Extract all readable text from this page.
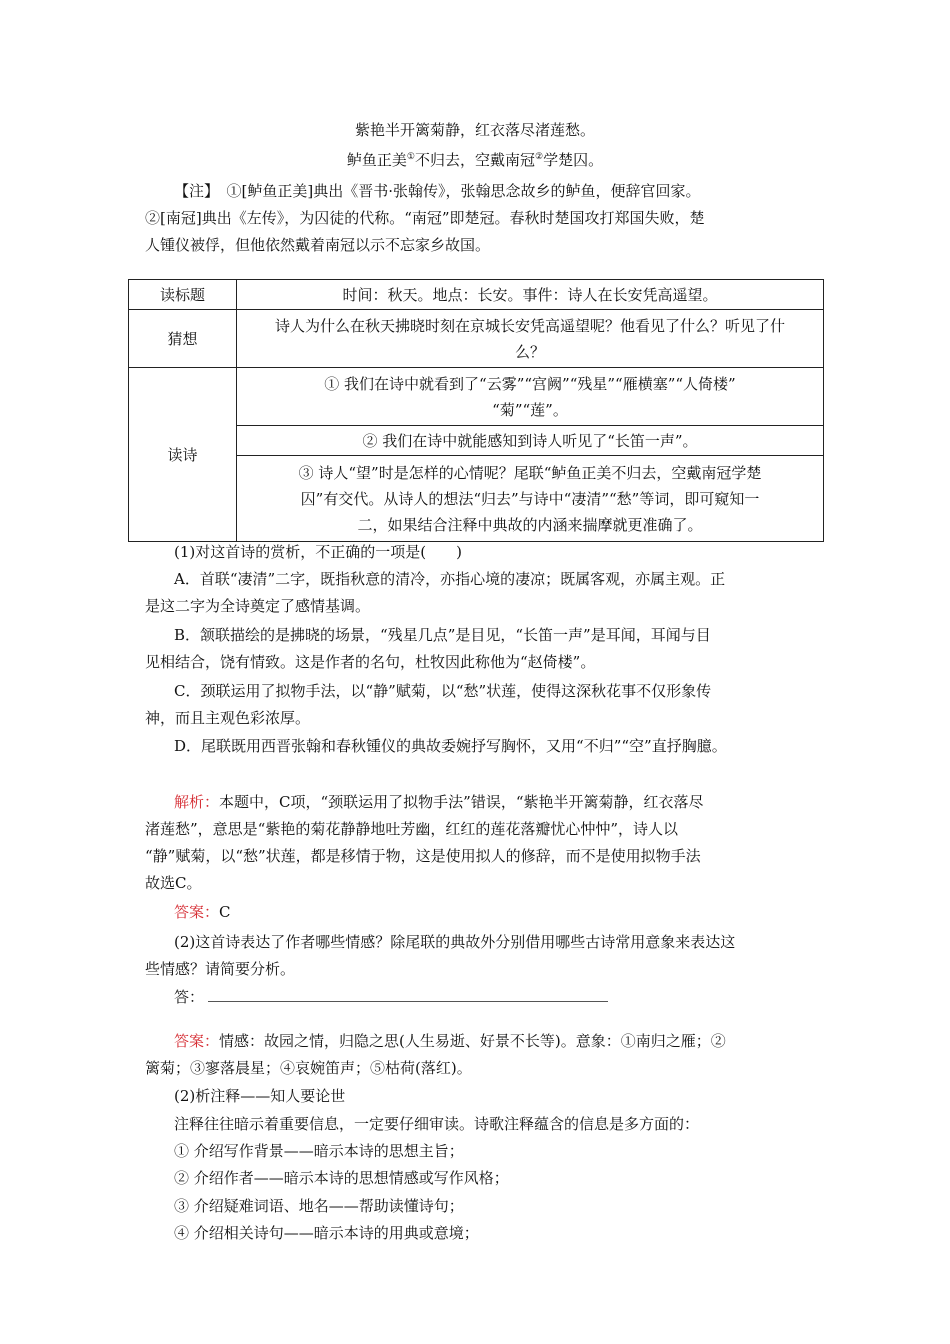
紫艳半开篱菊静，红衣落尽渚莲愁。
鲈鱼正美①不归去，空戴南冠②学楚囚。
【注】　①[鲈鱼正美]典出《晋书·张翰传》，张翰思念故乡的鲈鱼，便辞官回家。
②[南冠]典出《左传》，为囚徒的代称。“南冠”即楚冠。春秋时楚国攻打郑国失败，楚
人锺仪被俘，但他依然戴着南冠以示不忘家乡故国。
读标题	时间：秋天。地点：长安。事件：诗人在长安凭高遥望。
猜想	诗人为什么在秋天拂晓时刻在京城长安凭高遥望呢？他看见了什么？听见了什
么？

读诗	① 我们在诗中就看到了“云雾”“宫阙”“残星”“雁横塞”“人倚楼”
“菊”“莲”。

	② 我们在诗中就能感知到诗人听见了“长笛一声”。

	③ 诗人“望”时是怎样的心情呢？尾联“鲈鱼正美不归去，空戴南冠学楚
囚”有交代。从诗人的想法“归去”与诗中“凄清”“愁”等词，即可窥知一
二，如果结合注释中典故的内涵来揣摩就更准确了。
(1)对这首诗的赏析，不正确的一项是(　　)
A．首联“凄清”二字，既指秋意的清冷，亦指心境的凄凉；既属客观，亦属主观。正
是这二字为全诗奠定了感情基调。
B．颔联描绘的是拂晓的场景，“残星几点”是目见，“长笛一声”是耳闻，耳闻与目
见相结合，饶有情致。这是作者的名句，杜牧因此称他为“赵倚楼”。
C．颈联运用了拟物手法，以“静”赋菊，以“愁”状莲，使得这深秋花事不仅形象传
神，而且主观色彩浓厚。
D．尾联既用西晋张翰和春秋锺仪的典故委婉抒写胸怀，又用“不归”“空”直抒胸臆。
解析：本题中，C项，“颈联运用了拟物手法”错误，“紫艳半开篱菊静，红衣落尽
渚莲愁”，意思是“紫艳的菊花静静地吐芳幽，红红的莲花落瓣忧心忡忡”，诗人以
“静”赋菊，以“愁”状莲，都是移情于物，这是使用拟人的修辞，而不是使用拟物手法
故选C。
答案：C
(2)这首诗表达了作者哪些情感？除尾联的典故外分别借用哪些古诗常用意象来表达这
些情感？请简要分析。
答：
答案：情感：故园之情，归隐之思(人生易逝、好景不长等)。意象：①南归之雁；②
篱菊；③寥落晨星；④哀婉笛声；⑤枯荷(落红)。
(2)析注释——知人要论世
注释往往暗示着重要信息，一定要仔细审读。诗歌注释蕴含的信息是多方面的：
① 介绍写作背景——暗示本诗的思想主旨；
② 介绍作者——暗示本诗的思想情感或写作风格；
③ 介绍疑难词语、地名——帮助读懂诗句；
④ 介绍相关诗句——暗示本诗的用典或意境；
